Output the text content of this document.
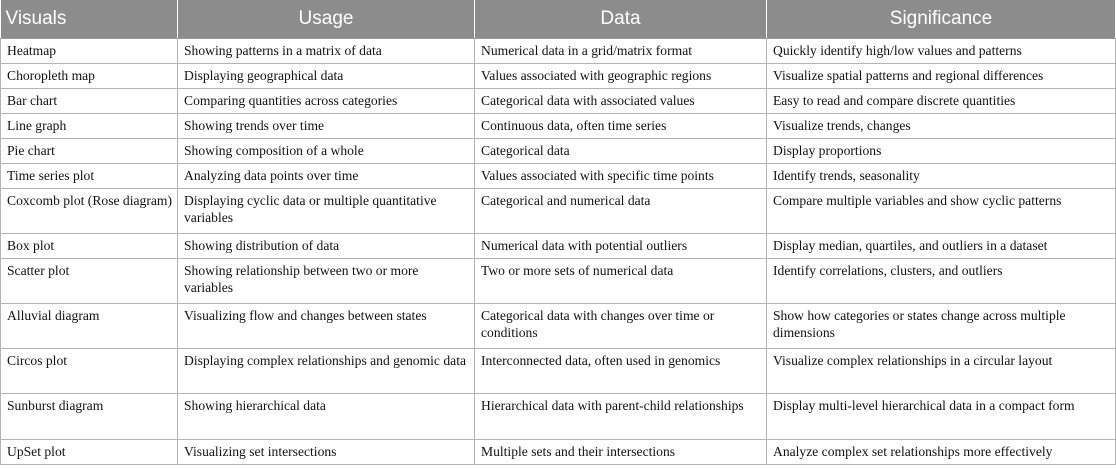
Visuals	Usage	Data	Significance
Heatmap	Showing patterns in a matrix of data	Numerical data in a grid/matrix format	Quickly identify high/low values and patterns
Choropleth map	Displaying geographical data	Values associated with geographic regions	Visualize spatial patterns and regional differences
Bar chart	Comparing quantities across categories	Categorical data with associated values	Easy to read and compare discrete quantities
Line graph	Showing trends over time	Continuous data, often time series	Visualize trends, changes
Pie chart	Showing composition of a whole	Categorical data	Display proportions
Time series plot	Analyzing data points over time	Values associated with specific time points	Identify trends, seasonality
Coxcomb plot (Rose diagram)	Displaying cyclic data or multiple quantitative variables	Categorical and numerical data	Compare multiple variables and show cyclic patterns
Box plot	Showing distribution of data	Numerical data with potential outliers	Display median, quartiles, and outliers in a dataset
Scatter plot	Showing relationship between two or more variables	Two or more sets of numerical data	Identify correlations, clusters, and outliers
Alluvial diagram	Visualizing flow and changes between states	Categorical data with changes over time or conditions	Show how categories or states change across multiple dimensions
Circos plot	Displaying complex relationships and genomic data	Interconnected data, often used in genomics	Visualize complex relationships in a circular layout
Sunburst diagram	Showing hierarchical data	Hierarchical data with parent-child relationships	Display multi-level hierarchical data in a compact form
UpSet plot	Visualizing set intersections	Multiple sets and their intersections	Analyze complex set relationships more effectively
